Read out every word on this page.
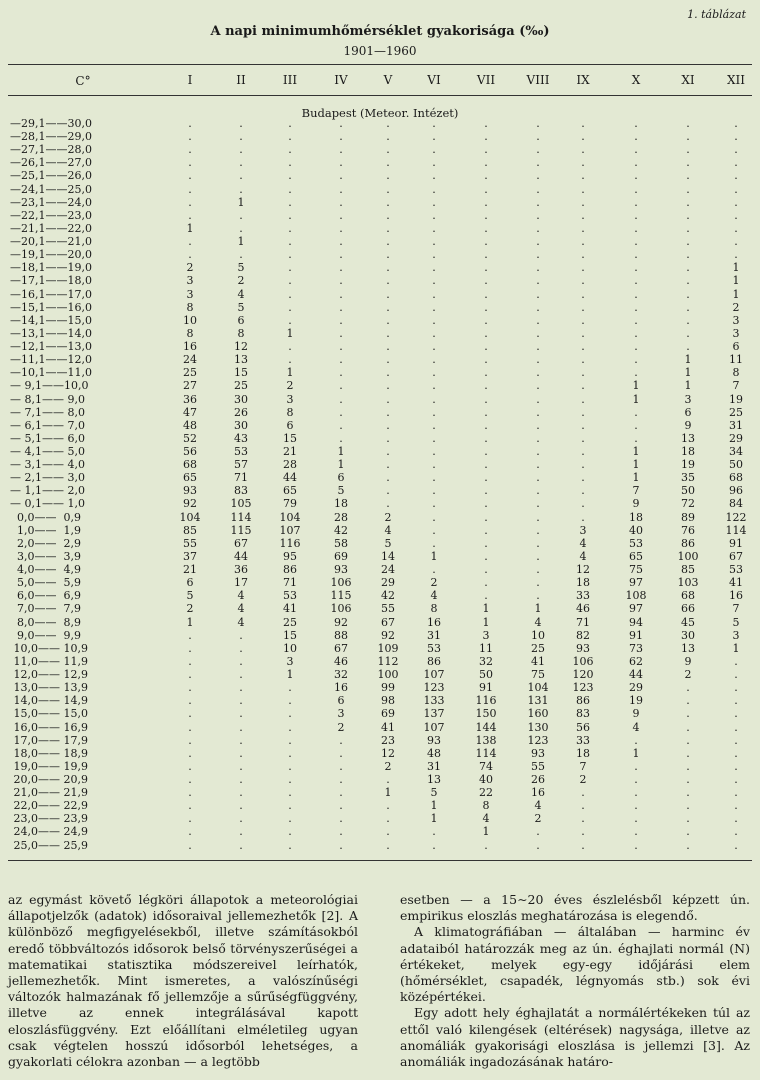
1. táblázat
A napi minimumhőmérséklet gyakorisága (‰)
1901—1960
C°	I	II	III	IV	V	VI	VII	VIII	IX	X	XI	XII
Budapest (Meteor. Intézet)
—29,1——30,0	.	.	.	.	.	.	.	.	.	.	.	.
—28,1——29,0	.	.	.	.	.	.	.	.	.	.	.	.
—27,1——28,0	.	.	.	.	.	.	.	.	.	.	.	.
—26,1——27,0	.	.	.	.	.	.	.	.	.	.	.	.
—25,1——26,0	.	.	.	.	.	.	.	.	.	.	.	.
—24,1——25,0	.	.	.	.	.	.	.	.	.	.	.	.
—23,1——24,0	.	1	.	.	.	.	.	.	.	.	.	.
—22,1——23,0	.	.	.	.	.	.	.	.	.	.	.	.
—21,1——22,0	1	.	.	.	.	.	.	.	.	.	.	.
—20,1——21,0	.	1	.	.	.	.	.	.	.	.	.	.
—19,1——20,0	.	.	.	.	.	.	.	.	.	.	.	.
—18,1——19,0	2	5	.	.	.	.	.	.	.	.	.	1
—17,1——18,0	3	2	.	.	.	.	.	.	.	.	.	1
—16,1——17,0	3	4	.	.	.	.	.	.	.	.	.	1
—15,1——16,0	8	5	.	.	.	.	.	.	.	.	.	2
—14,1——15,0	10	6	.	.	.	.	.	.	.	.	.	3
—13,1——14,0	8	8	1	.	.	.	.	.	.	.	.	3
—12,1——13,0	16	12	.	.	.	.	.	.	.	.	.	6
—11,1——12,0	24	13	.	.	.	.	.	.	.	.	1	11
—10,1——11,0	25	15	1	.	.	.	.	.	.	.	1	8
— 9,1——10,0	27	25	2	.	.	.	.	.	.	1	1	7
— 8,1—— 9,0	36	30	3	.	.	.	.	.	.	1	3	19
— 7,1—— 8,0	47	26	8	.	.	.	.	.	.	.	6	25
— 6,1—— 7,0	48	30	6	.	.	.	.	.	.	.	9	31
— 5,1—— 6,0	52	43	15	.	.	.	.	.	.	.	13	29
— 4,1—— 5,0	56	53	21	1	.	.	.	.	.	1	18	34
— 3,1—— 4,0	68	57	28	1	.	.	.	.	.	1	19	50
— 2,1—— 3,0	65	71	44	6	.	.	.	.	.	1	35	68
— 1,1—— 2,0	93	83	65	5	.	.	.	.	.	7	50	96
— 0,1—— 1,0	92	105	79	18	.	.	.	.	.	9	72	84
0,0——  0,9	104	114	104	28	2	.	.	.	.	18	89	122
1,0——  1,9	85	115	107	42	4	.	.	.	3	40	76	114
2,0——  2,9	55	67	116	58	5	.	.	.	4	53	86	91
3,0——  3,9	37	44	95	69	14	1	.	.	4	65	100	67
4,0——  4,9	21	36	86	93	24	.	.	.	12	75	85	53
5,0——  5,9	6	17	71	106	29	2	.	.	18	97	103	41
6,0——  6,9	5	4	53	115	42	4	.	.	33	108	68	16
7,0——  7,9	2	4	41	106	55	8	1	1	46	97	66	7
8,0——  8,9	1	4	25	92	67	16	1	4	71	94	45	5
9,0——  9,9	.	.	15	88	92	31	3	10	82	91	30	3
10,0—— 10,9	.	.	10	67	109	53	11	25	93	73	13	1
11,0—— 11,9	.	.	3	46	112	86	32	41	106	62	9	.
12,0—— 12,9	.	.	1	32	100	107	50	75	120	44	2	.
13,0—— 13,9	.	.	.	16	99	123	91	104	123	29	.	.
14,0—— 14,9	.	.	.	6	98	133	116	131	86	19	.	.
15,0—— 15,0	.	.	.	3	69	137	150	160	83	9	.	.
16,0—— 16,9	.	.	.	2	41	107	144	130	56	4	.	.
17,0—— 17,9	.	.	.	.	23	93	138	123	33	.	.	.
18,0—— 18,9	.	.	.	.	12	48	114	93	18	1	.	.
19,0—— 19,9	.	.	.	.	2	31	74	55	7	.	.	.
20,0—— 20,9	.	.	.	.	.	13	40	26	2	.	.	.
21,0—— 21,9	.	.	.	.	1	5	22	16	.	.	.	.
22,0—— 22,9	.	.	.	.	.	1	8	4	.	.	.	.
23,0—— 23,9	.	.	.	.	.	1	4	2	.	.	.	.
24,0—— 24,9	.	.	.	.	.	.	1	.	.	.	.	.
25,0—— 25,9	.	.	.	.	.	.	.	.	.	.	.	.

az egymást követő légköri állapotok a meteorológiai állapotjelzők (adatok) idősoraival jellemezhetők [2]. A különböző megfigyelésekből, illetve számításokból eredő többváltozós idősorok belső törvényszerűségei a matematikai statisztika módszereivel leírhatók, jellemezhetők. Mint ismeretes, a valószínűségi változók halmazának fő jellemzője a sűrűségfüggvény, illetve az ennek integrálásával kapott eloszlásfüggvény. Ezt előállítani elméletileg ugyan csak végtelen hosszú idősorból lehetséges, a gyakorlati célokra azonban — a legtöbb

esetben — a 15∼20 éves észlelésből képzett ún. empirikus eloszlás meghatározása is elegendő.

A klimatográfiában — általában — harminc év adataiból határozzák meg az ún. éghajlati normál (N) értékeket, melyek egy-egy időjárási elem (hőmérséklet, csapadék, légnyomás stb.) sok évi középértékei.

Egy adott hely éghajlatát a normálértékeken túl az ettől való kilengések (eltérések) nagysága, illetve az anomáliák gyakorisági eloszlása is jellemzi [3]. Az anomáliák ingadozásának határo-
